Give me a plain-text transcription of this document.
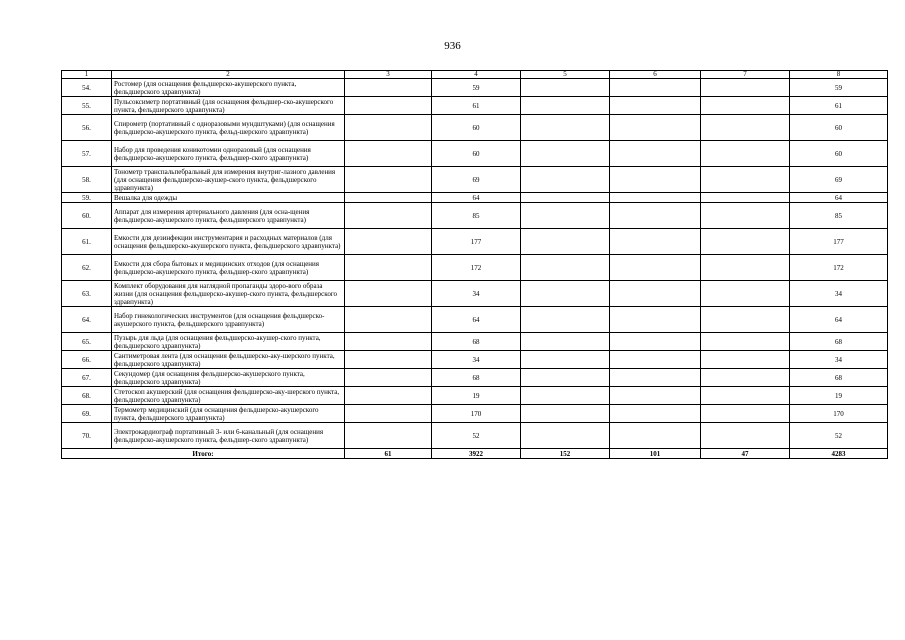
936
1	2	3	4	5	6	7	8
54.	Ростомер (для оснащения фельдшерско-акушерского пункта, фельдшерского здравпункта)		59				59
55.	Пульсоксиметр портативный (для оснащения фельдшер-ско-акушерского пункта, фельдшерского здравпункта)		61				61
56.	Спирометр (портативный с одноразовыми мундштуками) (для оснащения фельдшерско-акушерского пункта, фельд-шерского здравпункта)		60				60
57.	Набор для проведения коникотомии одноразовый (для оснащения фельдшерско-акушерского пункта, фельдшер-ского здравпункта)		60				60
58.	Тонометр транспальпебральный для измерения внутриг-лазного давления (для оснащения фельдшерско-акушер-ского пункта, фельдшерского здравпункта)		69				69
59.	Вешалка для одежды		64				64
60.	Аппарат для измерения артериального давления (для осна-щения фельдшерско-акушерского пункта, фельдшерского здравпункта)		85				85
61.	Емкости для дезинфекции инструментария и расходных материалов (для оснащения фельдшерско-акушерского пункта, фельдшерского здравпункта)		177				177
62.	Емкости для сбора бытовых и медицинских отходов (для оснащения фельдшерско-акушерского пункта, фельдшер-ского здравпункта)		172				172
63.	Комплект оборудования для наглядной пропаганды здоро-вого образа жизни (для оснащения фельдшерско-акушер-ского пункта, фельдшерского здравпункта)		34				34
64.	Набор гинекологических инструментов (для оснащения фельдшерско-акушерского пункта, фельдшерского здравпункта)		64				64
65.	Пузырь для льда (для оснащения фельдшерско-акушер-ского пункта, фельдшерского здравпункта)		68				68
66.	Сантиметровая лента (для оснащения фельдшерско-аку-шерского пункта, фельдшерского здравпункта)		34				34
67.	Секундомер (для оснащения фельдшерско-акушерского пункта, фельдшерского здравпункта)		68				68
68.	Стетоскоп акушерский (для оснащения фельдшерско-аку-шерского пункта, фельдшерского здравпункта)		19				19
69.	Термометр медицинский (для оснащения фельдшерско-акушерского пункта, фельдшерского здравпункта)		170				170
70.	Электрокардиограф портативный 3- или 6-канальный (для оснащения фельдшерско-акушерского пункта, фельдшер-ского здравпункта)		52				52
Итого:		61	3922	152	101	47	4283
